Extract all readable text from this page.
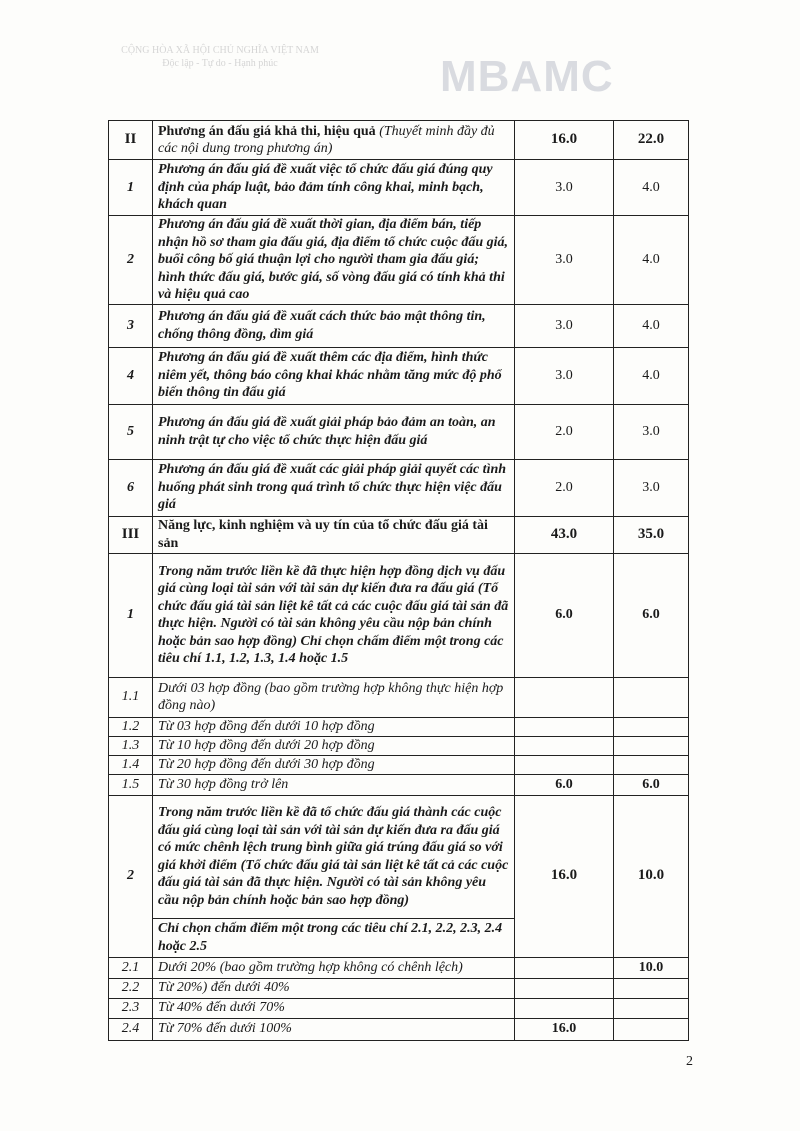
CỘNG HÒA XÃ HỘI CHỦ NGHĨA VIỆT NAM
Độc lập - Tự do - Hạnh phúc	MBAMC
II	Phương án đấu giá khả thi, hiệu quả (Thuyết minh đầy đủ các nội dung trong phương án)	16.0	22.0
1	Phương án đấu giá đề xuất việc tổ chức đấu giá đúng quy định của pháp luật, bảo đảm tính công khai, minh bạch, khách quan	3.0	4.0
2	Phương án đấu giá đề xuất thời gian, địa điểm bán, tiếp nhận hồ sơ tham gia đấu giá, địa điểm tổ chức cuộc đấu giá, buổi công bố giá thuận lợi cho người tham gia đấu giá; hình thức đấu giá, bước giá, số vòng đấu giá có tính khả thi và hiệu quả cao	3.0	4.0
3	Phương án đấu giá đề xuất cách thức bảo mật thông tin, chống thông đồng, dìm giá	3.0	4.0
4	Phương án đấu giá đề xuất thêm các địa điểm, hình thức niêm yết, thông báo công khai khác nhằm tăng mức độ phổ biến thông tin đấu giá	3.0	4.0
5	Phương án đấu giá đề xuất giải pháp bảo đảm an toàn, an ninh trật tự cho việc tổ chức thực hiện đấu giá	2.0	3.0
6	Phương án đấu giá đề xuất các giải pháp giải quyết các tình huống phát sinh trong quá trình tổ chức thực hiện việc đấu giá	2.0	3.0
III	Năng lực, kinh nghiệm và uy tín của tổ chức đấu giá tài sản	43.0	35.0
1	Trong năm trước liền kề đã thực hiện hợp đồng dịch vụ đấu giá cùng loại tài sản với tài sản dự kiến đưa ra đấu giá (Tổ chức đấu giá tài sản liệt kê tất cả các cuộc đấu giá tài sản đã thực hiện. Người có tài sản không yêu cầu nộp bản chính hoặc bản sao hợp đồng) Chỉ chọn chấm điểm một trong các tiêu chí 1.1, 1.2, 1.3, 1.4 hoặc 1.5	6.0	6.0
1.1	Dưới 03 hợp đồng (bao gồm trường hợp không thực hiện hợp đồng nào)		
1.2	Từ 03 hợp đồng đến dưới 10 hợp đồng		
1.3	Từ 10 hợp đồng đến dưới 20 hợp đồng		
1.4	Từ 20 hợp đồng đến dưới 30 hợp đồng		
1.5	Từ 30 hợp đồng trở lên	6.0	6.0
2	Trong năm trước liền kề đã tổ chức đấu giá thành các cuộc đấu giá cùng loại tài sản với tài sản dự kiến đưa ra đấu giá có mức chênh lệch trung bình giữa giá trúng đấu giá so với giá khởi điểm (Tổ chức đấu giá tài sản liệt kê tất cả các cuộc đấu giá tài sản đã thực hiện. Người có tài sản không yêu cầu nộp bản chính hoặc bản sao hợp đồng)	16.0	10.0
	Chỉ chọn chấm điểm một trong các tiêu chí 2.1, 2.2, 2.3, 2.4 hoặc 2.5		
2.1	Dưới 20% (bao gồm trường hợp không có chênh lệch)		10.0
2.2	Từ 20%) đến dưới 40%		
2.3	Từ 40% đến dưới 70%		
2.4	Từ 70% đến dưới 100%	16.0	
2
